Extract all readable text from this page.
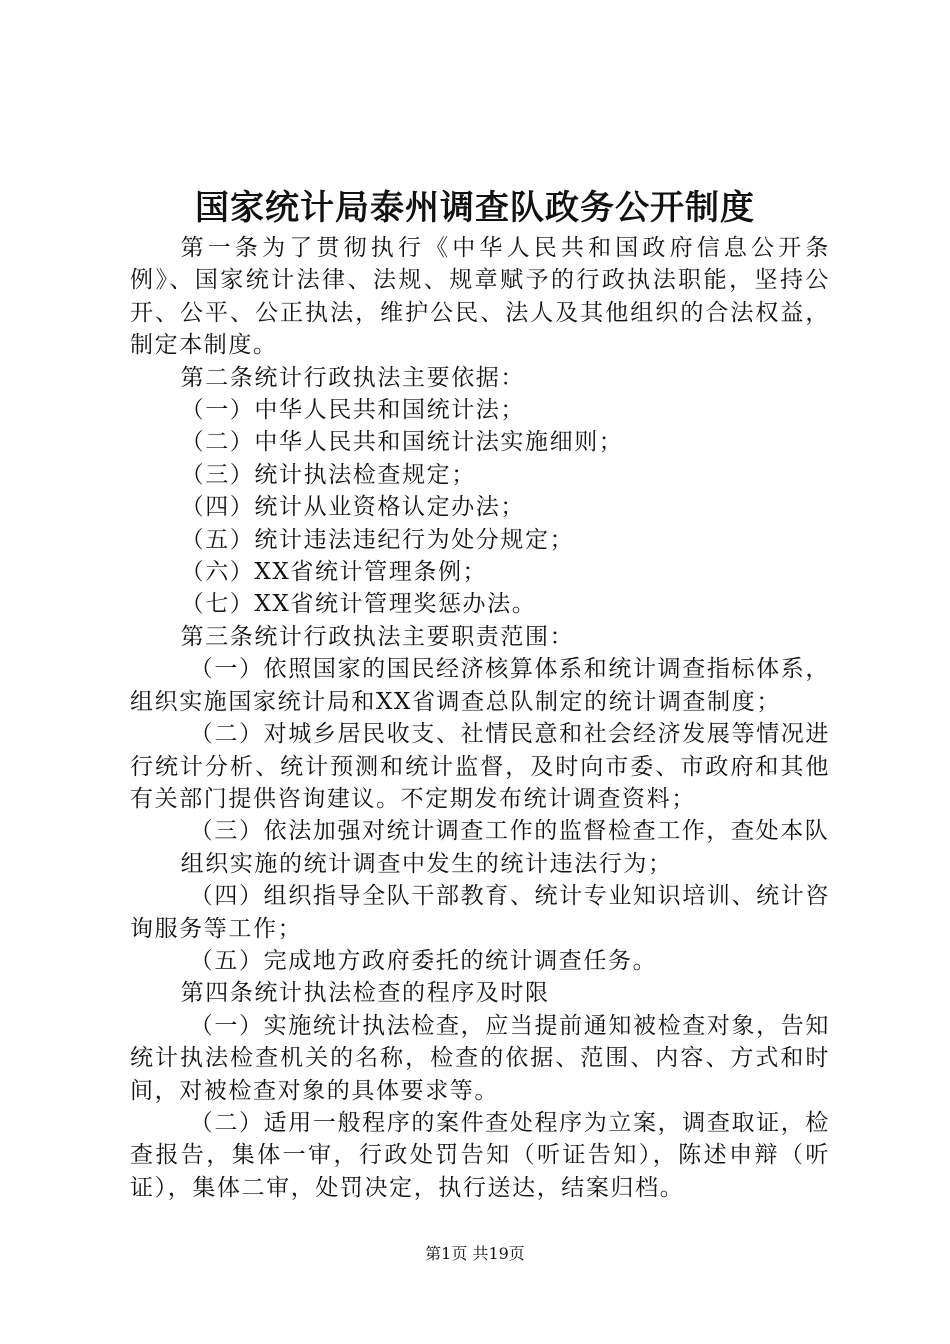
国家统计局泰州调查队政务公开制度

第一条为了贯彻执行《中华人民共和国政府信息公开条例》、国家统计法律、法规、规章赋予的行政执法职能，坚持公开、公平、公正执法，维护公民、法人及其他组织的合法权益，制定本制度。

第二条统计行政执法主要依据：

（一）中华人民共和国统计法；

（二）中华人民共和国统计法实施细则；

（三）统计执法检查规定；

（四）统计从业资格认定办法；

（五）统计违法违纪行为处分规定；

（六）XX省统计管理条例；

（七）XX省统计管理奖惩办法。

第三条统计行政执法主要职责范围：

（一）依照国家的国民经济核算体系和统计调查指标体系，组织实施国家统计局和XX省调查总队制定的统计调查制度；

（二）对城乡居民收支、社情民意和社会经济发展等情况进行统计分析、统计预测和统计监督，及时向市委、市政府和其他有关部门提供咨询建议。不定期发布统计调查资料；

（三）依法加强对统计调查工作的监督检查工作，查处本队

组织实施的统计调查中发生的统计违法行为；

（四）组织指导全队干部教育、统计专业知识培训、统计咨询服务等工作；

（五）完成地方政府委托的统计调查任务。

第四条统计执法检查的程序及时限

（一）实施统计执法检查，应当提前通知被检查对象，告知统计执法检查机关的名称，检查的依据、范围、内容、方式和时间，对被检查对象的具体要求等。

（二）适用一般程序的案件查处程序为立案，调查取证，检查报告，集体一审，行政处罚告知（听证告知），陈述申辩（听证），集体二审，处罚决定，执行送达，结案归档。

第1页 共19页
